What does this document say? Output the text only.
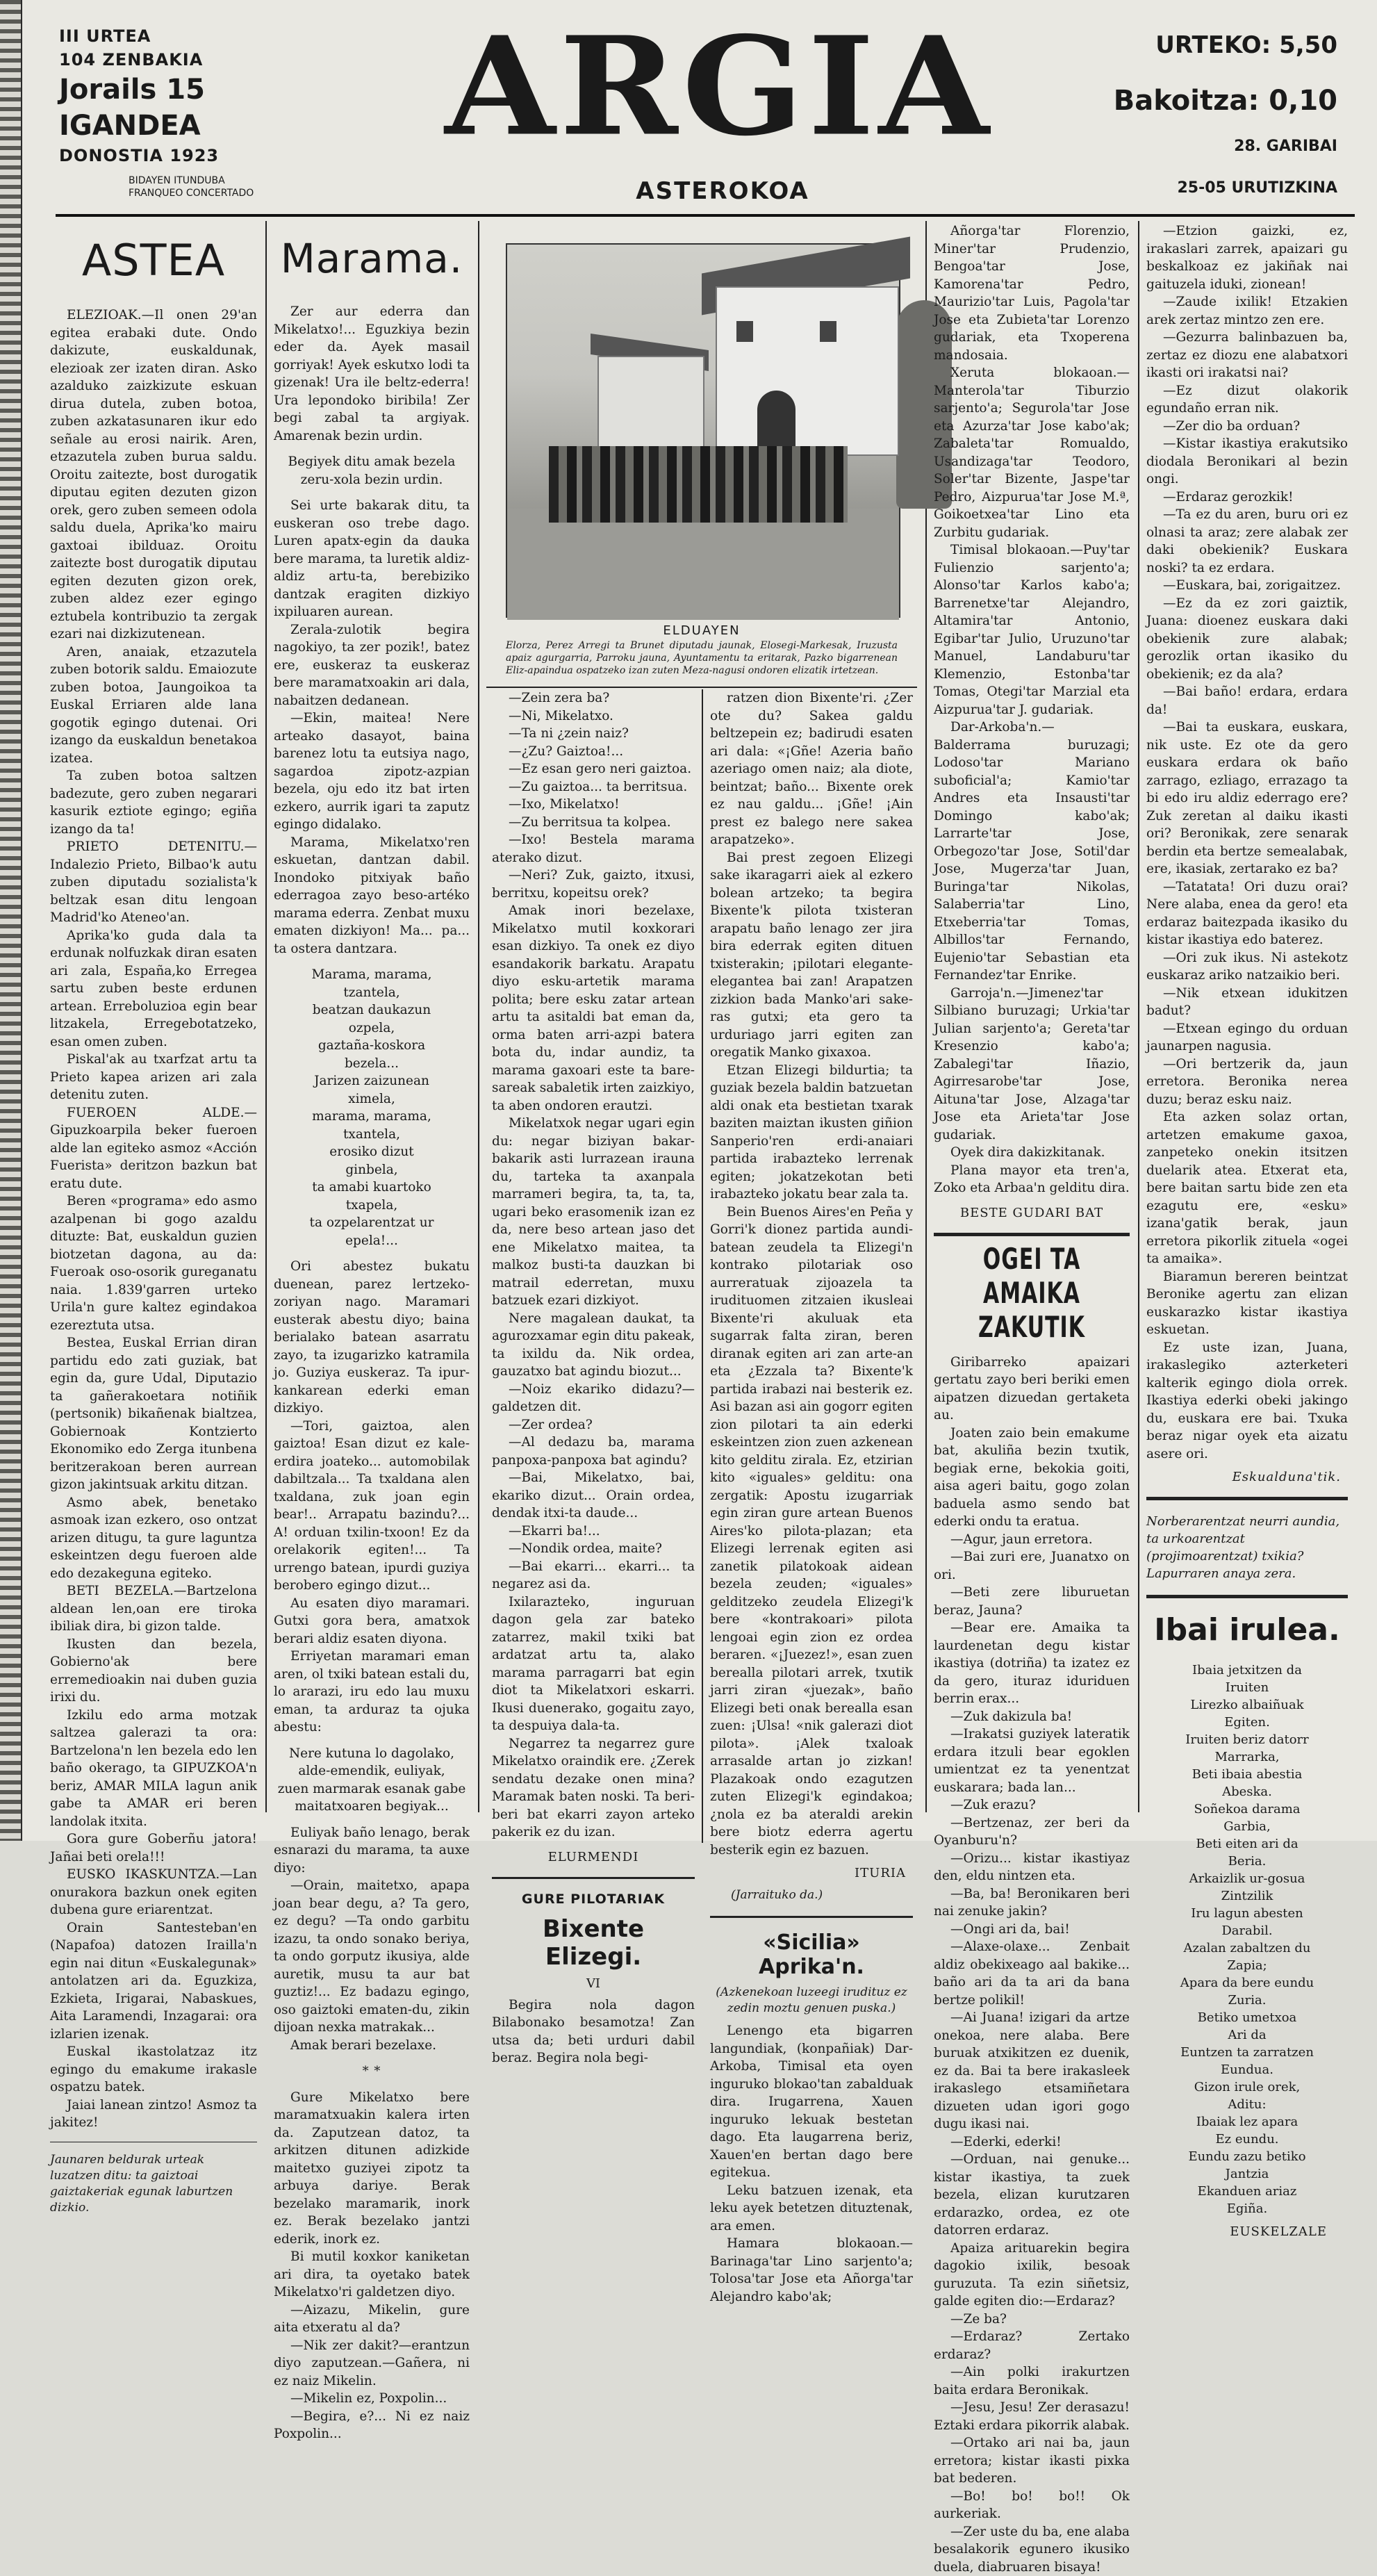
III URTEA
104 ZENBAKIA
Jorails 15
IGANDEA
DONOSTIA 1923
BIDAYEN ITUNDUBA
FRANQUEO CONCERTADO
ARGIA
ASTEROKOA
URTEKO: 5,50
Bakoitza: 0,10
28. GARIBAI
25-05 URUTIZKINA
ASTEA

ELEZIOAK.—Il onen 29'an egitea erabaki dute. Ondo dakizute, euskaldunak, elezioak zer izaten diran. Asko azalduko zaizkizute eskuan dirua dutela, zuben botoa, zuben azkatasunaren ikur edo señale au erosi nairik. Aren, etzazutela zuben burua saldu. Oroitu zaitezte, bost durogatik diputau egiten dezuten gizon orek, gero zuben semeen odola saldu duela, Aprika'ko mairu gaxtoai ibilduaz. Oroitu zaitezte bost durogatik diputau egiten dezuten gizon orek, zuben aldez ezer egingo eztubela kontribuzio ta zergak ezari nai dizkizutenean.

Aren, anaiak, etzazutela zuben botorik saldu. Emaiozute zuben botoa, Jaungoikoa ta Euskal Erriaren alde lana gogotik egingo dutenai. Ori izango da euskaldun benetakoa izatea.

Ta zuben botoa saltzen badezute, gero zuben negarari kasurik eztiote egingo; egiña izango da ta!

PRIETO DETENITU.—Indalezio Prieto, Bilbao'k autu zuben diputadu sozialista'k beltzak esan ditu lengoan Madrid'ko Ateneo'an.

Aprika'ko guda dala ta erdunak nolfuzkak diran esaten ari zala, España,ko Erregea sartu zuben beste erdunen artean. Erreboluzioa egin bear litzakela, Erregebotatzeko, esan omen zuben.

Piskal'ak au txarfzat artu ta Prieto kapea arizen ari zala detenitu zuten.

FUEROEN ALDE.—Gipuzkoarpila beker fueroen alde lan egiteko asmoz «Acción Fuerista» deritzon bazkun bat eratu dute.

Beren «programa» edo asmo azalpenan bi gogo azaldu dituzte: Bat, euskaldun guzien biotzetan dagona, au da: Fueroak oso-osorik gureganatu naia. 1.839'garren urteko Urila'n gure kaltez egindakoa ezereztuta utsa.

Bestea, Euskal Errian diran partidu edo zati guziak, bat egin da, gure Udal, Diputazio ta gañerakoetara notiñik (pertsonik) bikañenak bialtzea, Gobiernoak Kontzierto Ekonomiko edo Zerga itunbena beritzerakoan beren aurrean gizon jakintsuak arkitu ditzan.

Asmo abek, benetako asmoak izan ezkero, oso ontzat arizen ditugu, ta gure laguntza eskeintzen degu fueroen alde edo dezakeguna egiteko.

BETI BEZELA.—Bartzelona aldean len,oan ere tiroka ibiliak dira, bi gizon talde.

Ikusten dan bezela, Gobierno'ak bere erremedioakin nai duben guzia irixi du.

Izkilu edo arma motzak saltzea galerazi ta ora: Bartzelona'n len bezela edo len baño okerago, ta GIPUZKOA'n beriz, AMAR MILA lagun anik gabe ta AMAR eri beren landolak itxita.

Gora gure Goberñu jatora! Jañai beti orela!!!

EUSKO IKASKUNTZA.—Lan onurakora bazkun onek egiten dubena gure eriarentzat.

Orain Santesteban'en (Napafoa) datozen Irailla'n egin nai ditun «Euskalegunak» antolatzen ari da. Eguzkiza, Ezkieta, Irigarai, Nabaskues, Aita Laramendi, Inzagarai: ora izlarien izenak.

Euskal ikastolatzaz itz egingo du emakume irakasle ospatzu batek.

Jaiai lanean zintzo! Asmoz ta jakitez!

Jaunaren beldurak urteak luzatzen ditu: ta gaiztoai gaiztakeriak egunak laburtzen dizkio.
Marama.

Zer aur ederra dan Mikelatxo!... Eguzkiya bezin eder da. Ayek masail gorriyak! Ayek eskutxo lodi ta gizenak! Ura ile beltz-ederra! Ura lepondoko biribila! Zer begi zabal ta argiyak. Amarenak bezin urdin.

Begiyek ditu amak bezela
zeru-xola bezin urdin.

Sei urte bakarak ditu, ta euskeran oso trebe dago. Luren apatx-egin da dauka bere marama, ta luretik aldiz-aldiz artu-ta, berebiziko dantzak eragiten dizkiyo ixpiluaren aurean.

Zerala-zulotik begira nagokiyo, ta zer pozik!, batez ere, euskeraz ta euskeraz bere maramatxoakin ari dala, nabaitzen dedanean.

—Ekin, maitea! Nere arteako dasayot, baina barenez lotu ta eutsiya nago, sagardoa zipotz-azpian bezela, oju edo itz bat irten ezkero, aurrik igari ta zaputz egingo didalako.

Marama, Mikelatxo'ren eskuetan, dantzan dabil. Inondoko pitxiyak baño ederragoa zayo beso-artéko marama ederra. Zenbat muxu ematen dizkiyon! Ma... pa... ta ostera dantzara.

Marama, marama,
tzantela,
beatzan daukazun
ozpela,
gaztaña-koskora
bezela...
Jarizen zaizunean
ximela,
marama, marama,
txantela,
erosiko dizut
ginbela,
ta amabi kuartoko
txapela,
ta ozpelarentzat ur
epela!...

Ori abestez bukatu duenean, parez lertzeko-zoriyan nago. Maramari eusterak abestu diyo; baina berialako batean asarratu zayo, ta izugarizko katramila jo. Guziya euskeraz. Ta ipur-kankarean ederki eman dizkiyo.

—Tori, gaiztoa, alen gaiztoa! Esan dizut ez kale-erdira joateko... automobilak dabiltzala... Ta txaldana alen txaldana, zuk joan egin bear!.. Arrapatu bazindu?... A! orduan txilin-txoon! Ez da orelakorik egiten!... Ta urrengo batean, ipurdi guziya berobero egingo dizut...

Au esaten diyo maramari. Gutxi gora bera, amatxok berari aldiz esaten diyona.

Erriyetan maramari eman aren, ol txiki batean estali du, lo ararazi, iru edo lau muxu eman, ta arduraz ta ojuka abestu:

Nere kutuna lo dagolako,
alde-emendik, euliyak,
zuen marmarak esanak gabe
maitatxoaren begiyak...

Euliyak baño lenago, berak esnarazi du marama, ta auxe diyo:

—Orain, maitetxo, apapa joan bear degu, a? Ta gero, ez degu? —Ta ondo garbitu izazu, ta ondo sonako beriya, ta ondo gorputz ikusiya, alde auretik, musu ta aur bat guztiz!... Ez badazu egingo, oso gaiztoki ematen-du, zikin dijoan nexka matrakak...

Amak berari bezelaxe.

* *

Gure Mikelatxo bere maramatxuakin kalera irten da. Zaputzean datoz, ta arkitzen ditunen adizkide maitetxo guziyei zipotz ta arbuya dariye. Berak bezelako maramarik, inork ez. Berak bezelako jantzi ederik, inork ez.

Bi mutil koxkor kaniketan ari dira, ta oyetako batek Mikelatxo'ri galdetzen diyo.

—Aizazu, Mikelin, gure aita etxeratu al da?

—Nik zer dakit?—erantzun diyo zaputzean.—Gañera, ni ez naiz Mikelin.

—Mikelin ez, Poxpolin...

—Begira, e?... Ni ez naiz Poxpolin...

ELDUAYEN
Elorza, Perez Arregi ta Brunet diputadu jaunak, Elosegi-Markesak, Iruzusta apaiz agurgarria, Parroku jauna, Ayuntamentu ta eritarak, Pazko bigarrenean Eliz-apaindua ospatzeko izan zuten Meza-nagusi ondoren elizatik irtetzean.

—Zein zera ba?

—Ni, Mikelatxo.

—Ta ni ¿zein naiz?

—¿Zu? Gaiztoa!...

—Ez esan gero neri gaiztoa.

—Zu gaiztoa... ta berritsua.

—Ixo, Mikelatxo!

—Zu berritsua ta kolpea.

—Ixo! Bestela marama aterako dizut.

—Neri? Zuk, gaizto, itxusi, berritxu, kopeitsu orek?

Amak inori bezelaxe, Mikelatxo mutil koxkorari esan dizkiyo. Ta onek ez diyo esandakorik barkatu. Arapatu diyo esku-artetik marama polita; bere esku zatar artean artu ta asitaldi bat eman da, orma baten arri-azpi batera bota du, indar aundiz, ta marama gaxoari este ta bare-sareak sabaletik irten zaizkiyo, ta aben ondoren erautzi.

Mikelatxok negar ugari egin du: negar biziyan bakar-bakarik asti lurrazean irauna du, tarteka ta axanpala marrameri begira, ta, ta, ta, ugari beko erasomenik izan ez da, nere beso artean jaso det ene Mikelatxo maitea, ta malkoz busti-ta dauzkan bi matrail ederretan, muxu batzuek ezari dizkiyot.

Nere magalean daukat, ta agurozxamar egin ditu pakeak, ta ixildu da. Nik ordea, gauzatxo bat agindu biozut...

—Noiz ekariko didazu?—galdetzen dit.

—Zer ordea?

—Al dedazu ba, marama panpoxa-panpoxa bat agindu?

—Bai, Mikelatxo, bai, ekariko dizut... Orain ordea, dendak itxi-ta daude...

—Ekarri ba!...

—Nondik ordea, maite?

—Bai ekarri... ekarri... ta negarez asi da.

Ixilarazteko, inguruan dagon gela zar bateko zatarrez, makil txiki bat ardatzat artu ta, alako marama parragarri bat egin diot ta Mikelatxori eskarri. Ikusi duenerako, gogaitu zayo, ta despuiya dala-ta.

Negarrez ta negarrez gure Mikelatxo oraindik ere. ¿Zerek sendatu dezake onen mina? Maramak baten noski. Ta beri-beri bat ekarri zayon arteko pakerik ez du izan.

ELURMENDI
GURE PILOTARIAK
Bixente Elizegi.
VI

Begira nola dagon Bilabonako besamotza! Zan utsa da; beti urduri dabil beraz. Begira nola begi-

ratzen dion Bixente'ri. ¿Zer ote du? Sakea galdu beltzepein ez; badirudi esaten ari dala: «¡Gñe! Azeria baño azeriago omen naiz; ala diote, beintzat; baño... Bixente orek ez nau galdu... ¡Gñe! ¡Ain prest ez balego nere sakea arapatzeko».

Bai prest zegoen Elizegi sake ikaragarri aiek al ezkero bolean artzeko; ta begira Bixente'k pilota txisteran arapatu baño lenago zer jira bira ederrak egiten dituen txisterakin; ¡pilotari elegante-elegantea bai zan! Arapatzen zizkion bada Manko'ari sake-ras gutxi; eta gero ta urduriago jarri egiten zan oregatik Manko gixaxoa.

Etzan Elizegi bildurtia; ta guziak bezela baldin batzuetan aldi onak eta bestietan txarak baziten maiztan ikusten giñion Sanperio'ren erdi-anaiari partida irabazteko lerrenak egiten; jokatzekotan beti irabazteko jokatu bear zala ta.

Bein Buenos Aires'en Peña y Gorri'k dionez partida aundi-batean zeudela ta Elizegi'n kontrako pilotariak oso aurreratuak zijoazela ta irudituomen zitzaien ikusleai Bixente'ri akuluak eta sugarrak falta ziran, beren diranak egiten ari zan arte-an eta ¿Ezzala ta? Bixente'k partida irabazi nai besterik ez. Asi bazan asi ain gogorr egiten zion pilotari ta ain ederki eskeintzen zion zuen azkenean kito gelditu zirala. Ez, etzirian kito «iguales» gelditu: ona zergatik: Apostu izugarriak egin ziran gure artean Buenos Aires'ko pilota-plazan; eta Elizegi lerrenak egiten asi zanetik pilatokoak aidean bezela zeuden; «iguales» gelditzeko zeudela Elizegi'k bere «kontrakoari» pilota lengoai egin zion ez ordea beraren. «¡Juezez!», esan zuen berealla pilotari arrek, txutik jarri ziran «juezak», baño Elizegi beti onak berealla esan zuen: ¡Ulsa! «nik galerazi diot pilota». ¡Alek txaloak arrasalde artan jo zizkan! Plazakoak ondo ezagutzen zuten Elizegi'k egindakoa; ¿nola ez ba ateraldi arekin bere biotz ederra agertu besterik egin ez bazuen.

ITURIA
(Jarraituko da.)
«Sicilia» Aprika'n.
(Azkenekoan luzeegi irudituz ez zedin moztu genuen puska.)

Lenengo eta bigarren langundiak, (konpañiak) Dar-Arkoba, Timisal eta oyen inguruko blokao'tan zabalduak dira. Irugarrena, Xauen inguruko lekuak bestetan dago. Eta laugarrena beriz, Xauen'en bertan dago bere egitekua.

Leku batzuen izenak, eta leku ayek betetzen dituztenak, ara emen.

Hamara blokaoan.—Barinaga'tar Lino sarjento'a; Tolosa'tar Jose eta Añorga'tar Alejandro kabo'ak;

Añorga'tar Florenzio, Miner'tar Prudenzio, Bengoa'tar Jose, Kamorena'tar Pedro, Maurizio'tar Luis, Pagola'tar Jose eta Zubieta'tar Lorenzo gudariak, eta Txoperena mandosaia.

Xeruta blokaoan.—Manterola'tar Tiburzio sarjento'a; Segurola'tar Jose eta Azurza'tar Jose kabo'ak; Zabaleta'tar Romualdo, Usandizaga'tar Teodoro, Soler'tar Bizente, Jaspe'tar Pedro, Aizpurua'tar Jose M.ª, Goikoetxea'tar Lino eta Zurbitu gudariak.

Timisal blokaoan.—Puy'tar Fulienzio sarjento'a; Alonso'tar Karlos kabo'a; Barrenetxe'tar Alejandro, Altamira'tar Antonio, Egibar'tar Julio, Uruzuno'tar Manuel, Landaburu'tar Klemenzio, Estonba'tar Tomas, Otegi'tar Marzial eta Aizpurua'tar J. gudariak.

Dar-Arkoba'n.—Balderrama buruzagi; Lodoso'tar Mariano suboficial'a; Kamio'tar Andres eta Insausti'tar Domingo kabo'ak; Larrarte'tar Jose, Orbegozo'tar Jose, Sotil'dar Jose, Mugerza'tar Juan, Buringa'tar Nikolas, Salaberria'tar Lino, Etxeberria'tar Tomas, Albillos'tar Fernando, Eujenio'tar Sebastian eta Fernandez'tar Enrike.

Garroja'n.—Jimenez'tar Silbiano buruzagi; Urkia'tar Julian sarjento'a; Gereta'tar Kresenzio kabo'a; Zabalegi'tar Iñazio, Agirresarobe'tar Jose, Aituna'tar Jose, Alzaga'tar Jose eta Arieta'tar Jose gudariak.

Oyek dira dakizkitanak.

Plana mayor eta tren'a, Zoko eta Arbaa'n gelditu dira.

BESTE GUDARI BAT
OGEI TA AMAIKA ZAKUTIK

Giribarreko apaizari gertatu zayo beri beriki emen aipatzen dizuedan gertaketa au.

Joaten zaio bein emakume bat, akuliña bezin txutik, begiak erne, bekokia goiti, aisa ageri baitu, gogo zolan baduela asmo sendo bat ederki ondu ta eratua.

—Agur, jaun erretora.

—Bai zuri ere, Juanatxo on ori.

—Beti zere liburuetan beraz, Jauna?

—Bear ere. Amaika ta laurdenetan degu kistar ikastiya (dotriña) ta izatez ez da gero, ituraz iduriduen berrin erax...

—Zuk dakizula ba!

—Irakatsi guziyek lateratik erdara itzuli bear egoklen umientzat ez ta yenentzat euskarara; bada lan...

—Zuk erazu?

—Bertzenaz, zer beri da Oyanburu'n?

—Orizu... kistar ikastiyaz den, eldu nintzen eta.

—Ba, ba! Beronikaren beri nai zenuke jakin?

—Ongi ari da, bai!

—Alaxe-olaxe... Zenbait aldiz obekixeago aal bakike... baño ari da ta ari da bana bertze polikil!

—Ai Juana! izigari da artze onekoa, nere alaba. Bere buruak atxikitzen ez duenik, ez da. Bai ta bere irakasleek irakaslego etsamiñetara dizueten udan igori gogo dugu ikasi nai.

—Ederki, ederki!

—Orduan, nai genuke... kistar ikastiya, ta zuek bezela, elizan kurutzaren erdarazko, ordea, ez ote datorren erdaraz.

Apaiza arituarekin begira dagokio ixilik, besoak guruzuta. Ta ezin siñetsiz, galde egiten dio:—Erdaraz?

—Ze ba?

—Erdaraz? Zertako erdaraz?

—Ain polki irakurtzen baita erdara Beronikak.

—Jesu, Jesu! Zer derasazu! Eztaki erdara pikorrik alabak.

—Ortako ari nai ba, jaun erretora; kistar ikasti pixka bat bederen.

—Bo! bo! bo!! Ok aurkeriak.

—Zer uste du ba, ene alaba besalakorik egunero ikusiko duela, diabruaren bisaya!

—Etzion gaizki, ez, irakaslari zarrek, apaizari gu beskalkoaz ez jakiñak nai gaituzela iduki, zionean!

—Zaude ixilik! Etzakien arek zertaz mintzo zen ere.

—Gezurra balinbazuen ba, zertaz ez diozu ene alabatxori ikasti ori irakatsi nai?

—Ez dizut olakorik egundaño erran nik.

—Zer dio ba orduan?

—Kistar ikastiya erakutsiko diodala Beronikari al bezin ongi.

—Erdaraz gerozkik!

—Ta ez du aren, buru ori ez olnasi ta araz; zere alabak zer daki obekienik? Euskara noski? ta ez erdara.

—Euskara, bai, zorigaitzez.

—Ez da ez zori gaiztik, Juana: dioenez euskara daki obekienik zure alabak; gerozlik ortan ikasiko du obekienik; ez da ala?

—Bai baño! erdara, erdara da!

—Bai ta euskara, euskara, nik uste. Ez ote da gero euskara erdara ok baño zarrago, ezliago, errazago ta bi edo iru aldiz ederrago ere? Zuk zeretan al daiku ikasti ori? Beronikak, zere senarak berdin eta bertze semealabak, ere, ikasiak, zertarako ez ba?

—Tatatata! Ori duzu orai? Nere alaba, enea da gero! eta erdaraz baitezpada ikasiko du kistar ikastiya edo baterez.

—Ori zuk ikus. Ni astekotz euskaraz ariko natzaikio beri.

—Nik etxean idukitzen badut?

—Etxean egingo du orduan jaunarpen nagusia.

—Ori bertzerik da, jaun erretora. Beronika nerea duzu; beraz esku naiz.

Eta azken solaz ortan, artetzen emakume gaxoa, zanpeteko onekin itsitzen duelarik atea. Etxerat eta, bere baitan sartu bide zen eta ezagutu ere, «esku» izana'gatik berak, jaun erretora pikorlik zituela «ogei ta amaika».

Biaramun bereren beintzat Beronike agertu zan elizan euskarazko kistar ikastiya eskuetan.

Ez uste izan, Juana, irakaslegiko azterketeri kalterik egingo diola orrek. Ikastiya ederki obeki jakingo du, euskara ere bai. Txuka beraz nigar oyek eta aizatu asere ori.

Eskualduna'tik.
Norberarentzat neurri aundia, ta urkoarentzat (projimoarentzat) txikia? Lapurraren anaya zera.
Ibai irulea.
Ibaia jetxitzen da
Iruiten
Lirezko albaiñuak
Egiten.
Iruiten beriz datorr
Marrarka,
Beti ibaia abestia
Abeska.
Soñekoa darama
Garbia,
Beti eiten ari da
Beria.
Arkaizlik ur-gosua
Zintzilik
Iru lagun abesten
Darabil.
Azalan zabaltzen du
Zapia;
Apara da bere eundu
Zuria.
Betiko umetxoa
Ari da
Euntzen ta zarratzen
Eundua.
Gizon irule orek,
Aditu:
Ibaiak lez apara
Ez eundu.
Eundu zazu betiko
Jantzia
Ekanduen ariaz
Egiña.
EUSKELZALE
